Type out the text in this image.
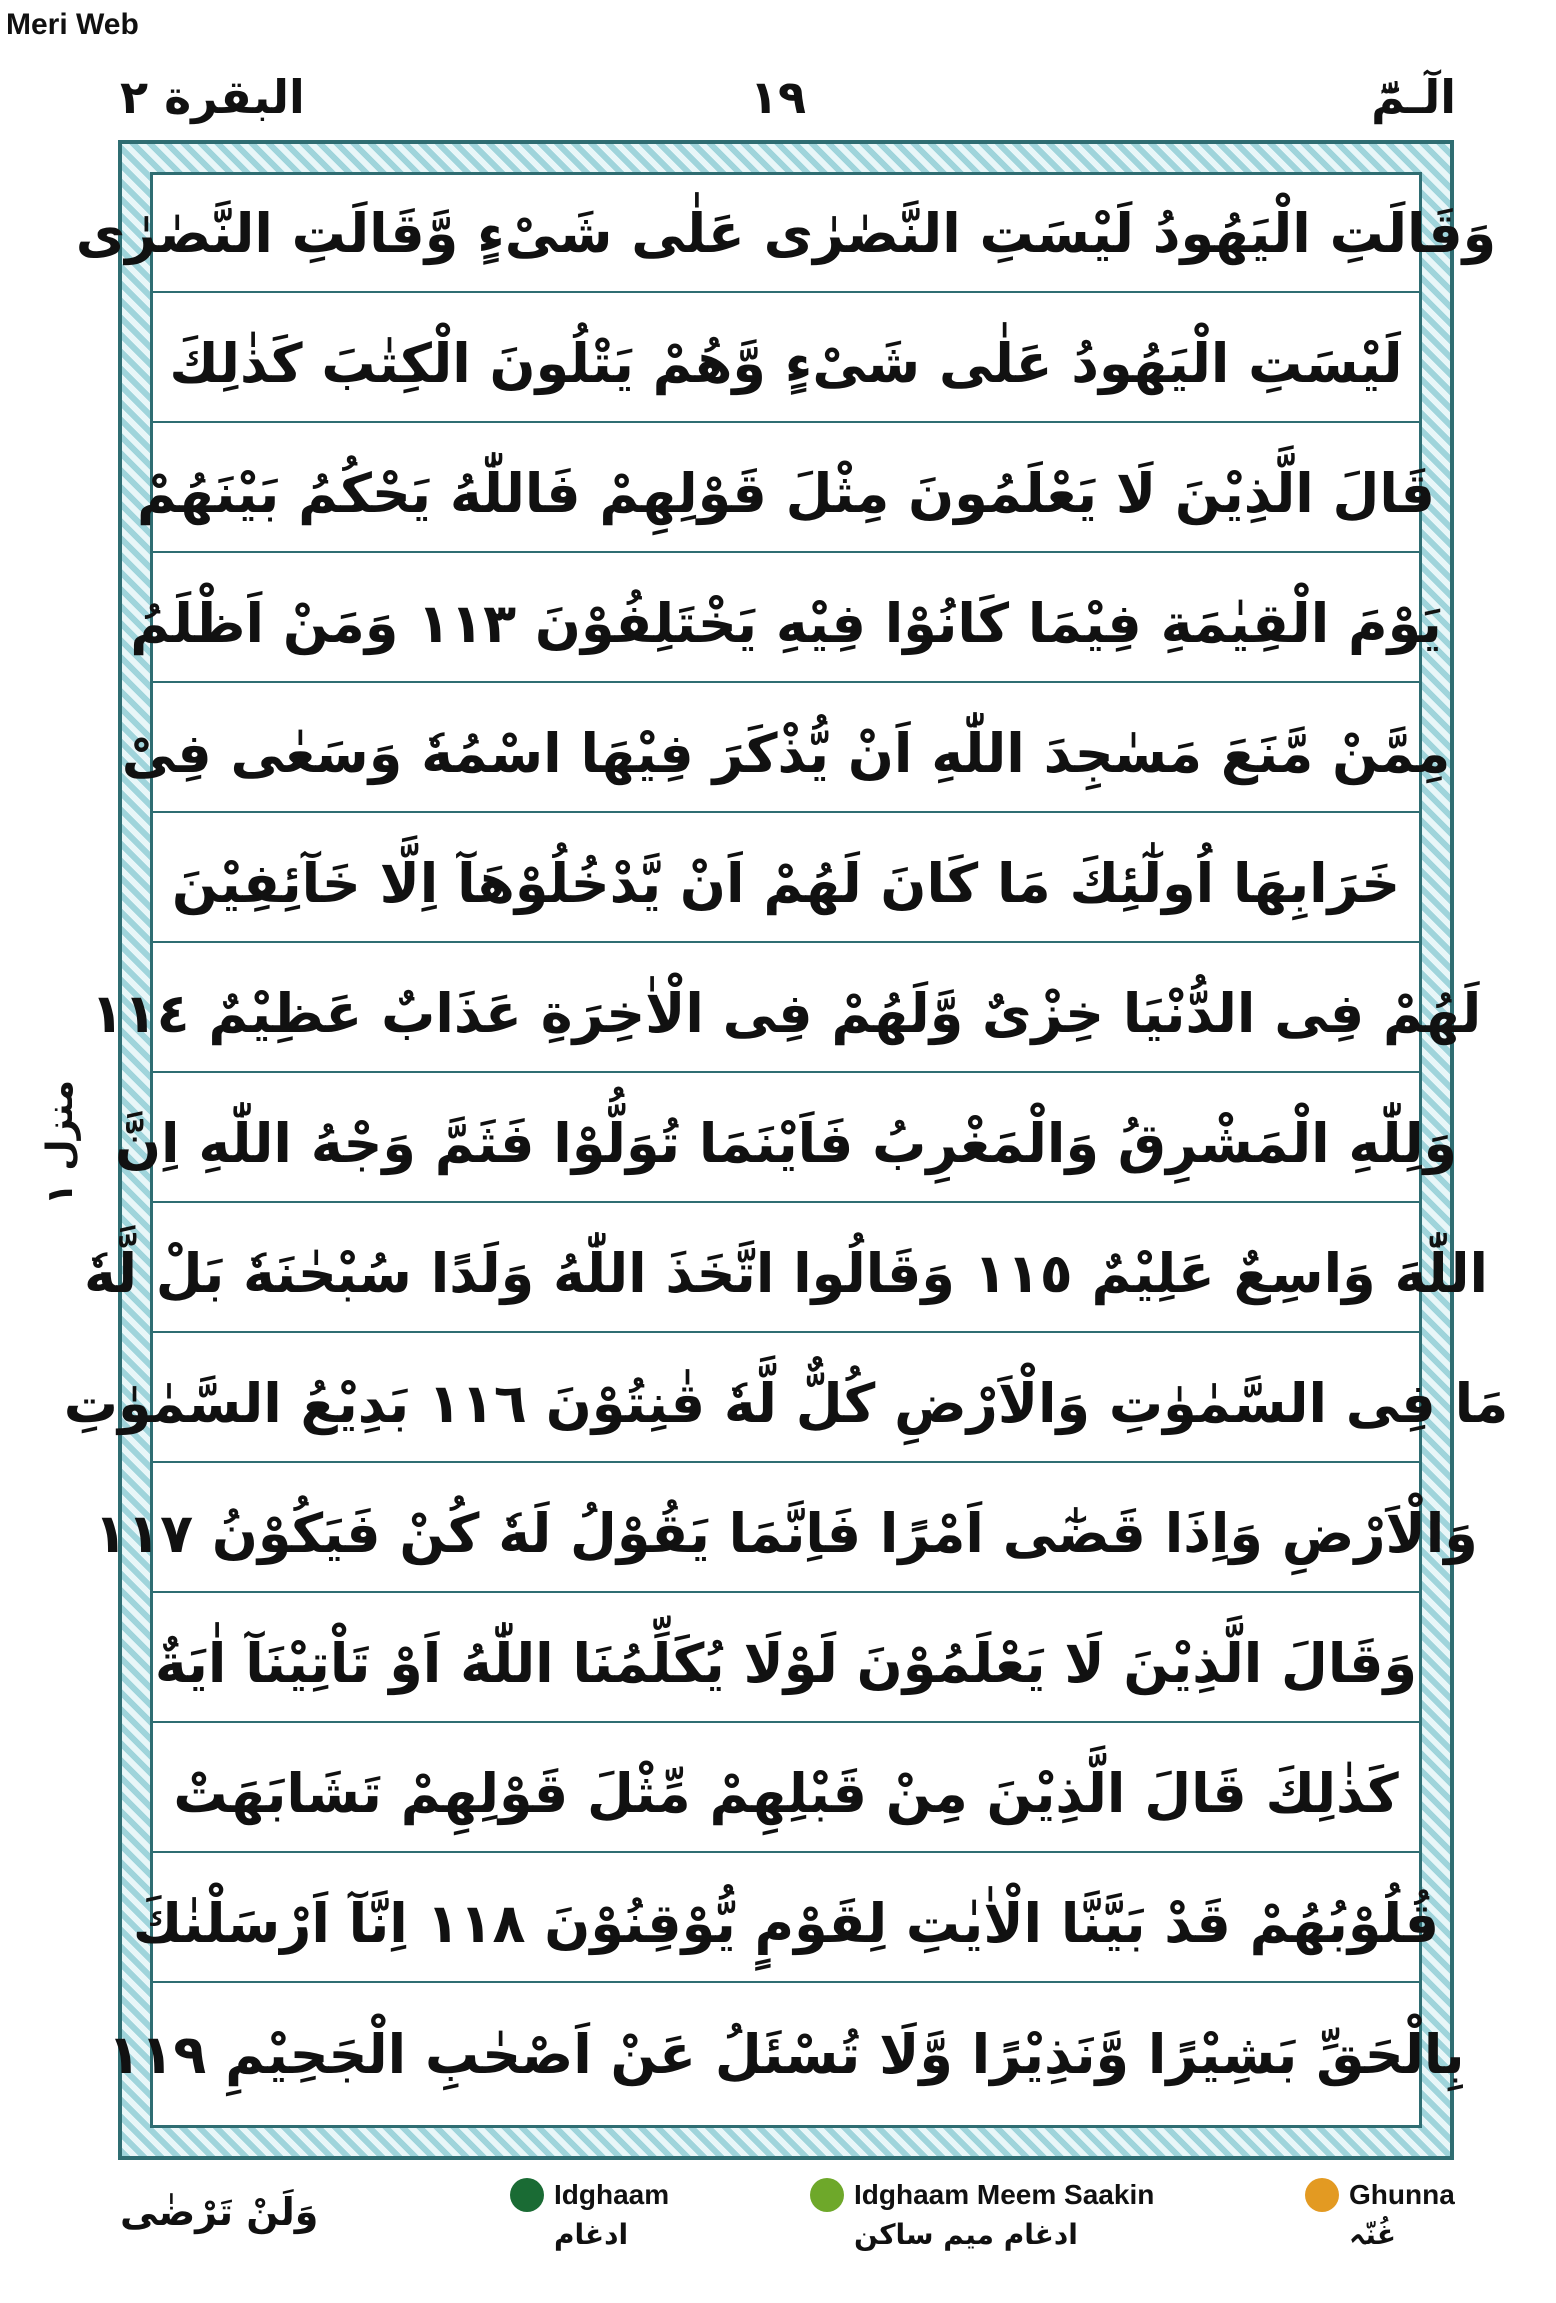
Meri Web
الٓـمّٓ
١٩
البقرة ٢
منزل ١
وَقَالَتِ الْيَهُودُ لَيْسَتِ النَّصٰرٰى عَلٰى شَىْءٍ وَّقَالَتِ النَّصٰرٰى
لَيْسَتِ الْيَهُودُ عَلٰى شَىْءٍ وَّهُمْ يَتْلُونَ الْكِتٰبَ كَذٰلِكَ
قَالَ الَّذِيْنَ لَا يَعْلَمُونَ مِثْلَ قَوْلِهِمْ فَاللّٰهُ يَحْكُمُ بَيْنَهُمْ
يَوْمَ الْقِيٰمَةِ فِيْمَا كَانُوْا فِيْهِ يَخْتَلِفُوْنَ ١١٣ وَمَنْ اَظْلَمُ
مِمَّنْ مَّنَعَ مَسٰجِدَ اللّٰهِ اَنْ يُّذْكَرَ فِيْهَا اسْمُهٗ وَسَعٰى فِىْ
خَرَابِهَا اُولٰٓئِكَ مَا كَانَ لَهُمْ اَنْ يَّدْخُلُوْهَآ اِلَّا خَآئِفِيْنَ
لَهُمْ فِى الدُّنْيَا خِزْىٌ وَّلَهُمْ فِى الْاٰخِرَةِ عَذَابٌ عَظِيْمٌ ١١٤
وَلِلّٰهِ الْمَشْرِقُ وَالْمَغْرِبُ فَاَيْنَمَا تُوَلُّوْا فَثَمَّ وَجْهُ اللّٰهِ اِنَّ
اللّٰهَ وَاسِعٌ عَلِيْمٌ ١١٥ وَقَالُوا اتَّخَذَ اللّٰهُ وَلَدًا سُبْحٰنَهٗ بَلْ لَّهٗ
مَا فِى السَّمٰوٰتِ وَالْاَرْضِ كُلٌّ لَّهٗ قٰنِتُوْنَ ١١٦ بَدِيْعُ السَّمٰوٰتِ
وَالْاَرْضِ وَاِذَا قَضٰٓى اَمْرًا فَاِنَّمَا يَقُوْلُ لَهٗ كُنْ فَيَكُوْنُ ١١٧
وَقَالَ الَّذِيْنَ لَا يَعْلَمُوْنَ لَوْلَا يُكَلِّمُنَا اللّٰهُ اَوْ تَاْتِيْنَآ اٰيَةٌ
كَذٰلِكَ قَالَ الَّذِيْنَ مِنْ قَبْلِهِمْ مِّثْلَ قَوْلِهِمْ تَشَابَهَتْ
قُلُوْبُهُمْ قَدْ بَيَّنَّا الْاٰيٰتِ لِقَوْمٍ يُّوْقِنُوْنَ ١١٨ اِنَّآ اَرْسَلْنٰكَ
بِالْحَقِّ بَشِيْرًا وَّنَذِيْرًا وَّلَا تُسْئَلُ عَنْ اَصْحٰبِ الْجَحِيْمِ ١١٩
وَلَنْ تَرْضٰى	Idghaam
ادغام
Idghaam Meem Saakin
ادغام میم ساکن
Ghunna
غُنّہ
